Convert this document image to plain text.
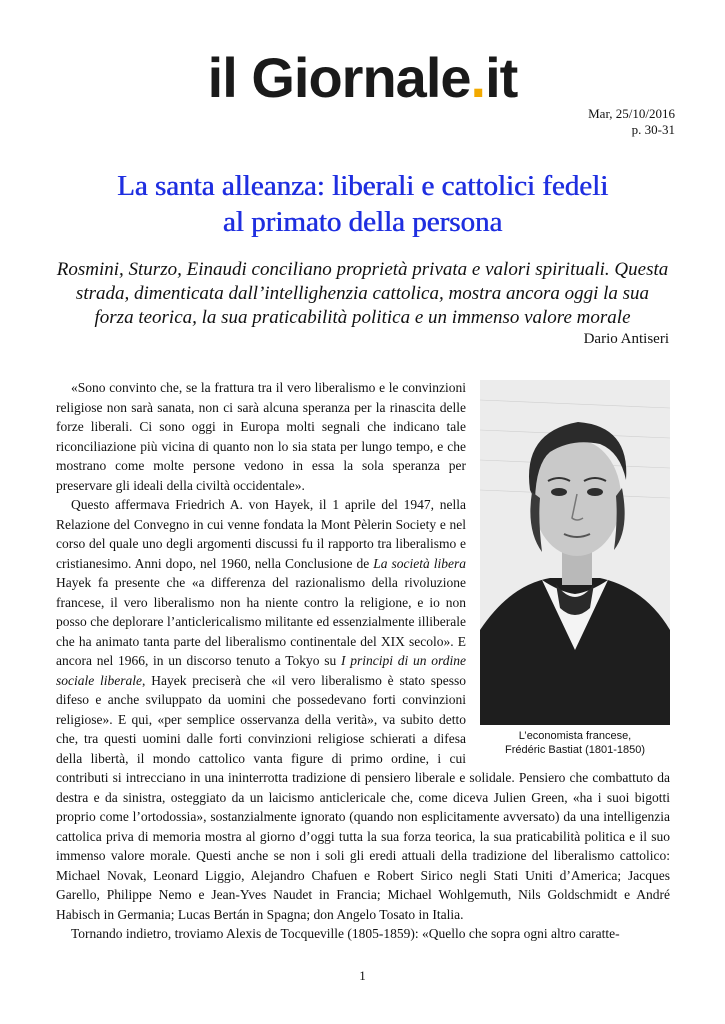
il Giornale.it
Mar, 25/10/2016
p. 30-31
La santa alleanza: liberali e cattolici fedeli
al primato della persona

Rosmini, Sturzo, Einaudi conciliano proprietà privata e valori spirituali. Questa strada, dimenticata dall’intellighenzia cattolica, mostra ancora oggi la sua forza teorica, la sua praticabilità politica e un immenso valore morale

Dario Antiseri
L’economista francese,
Frédéric Bastiat (1801-1850)

«Sono convinto che, se la frattura tra il vero liberalismo e le convinzioni religiose non sarà sanata, non ci sarà alcuna speranza per la rinascita delle forze liberali. Ci sono oggi in Europa molti segnali che indicano tale riconciliazione più vicina di quanto non lo sia stata per lungo tempo, e che mostrano come molte persone vedono in essa la sola speranza per preservare gli ideali della civiltà occidentale».

Questo affermava Friedrich A. von Hayek, il 1 aprile del 1947, nella Relazione del Convegno in cui venne fondata la Mont Pèlerin Society e nel corso del quale uno degli argomenti discussi fu il rapporto tra liberalismo e cristianesimo. Anni dopo, nel 1960, nella Conclusione de La società libera Hayek fa presente che «a differenza del razionalismo della rivoluzione francese, il vero liberalismo non ha niente contro la religione, e io non posso che deplorare l’anticlericalismo militante ed essenzialmente illiberale che ha animato tanta parte del liberalismo continentale del XIX secolo». E ancora nel 1966, in un discorso tenuto a Tokyo su I principi di un ordine sociale liberale, Hayek preciserà che «il vero liberalismo è stato spesso difeso e anche sviluppato da uomini che possedevano forti convinzioni religiose». E qui, «per semplice osservanza della verità», va subito detto che, tra questi uomini dalle forti convinzioni religiose schierati a difesa della libertà, il mondo cattolico vanta figure di primo ordine, i cui contributi si intrecciano in una ininterrotta tradizione di pensiero liberale e solidale. Pensiero che combattuto da destra e da sinistra, osteggiato da un laicismo anticlericale che, come diceva Julien Green, «ha i suoi bigotti proprio come l’ortodossia», sostanzialmente ignorato (quando non esplicitamente avversato) da una intelligenzia cattolica priva di memoria mostra al giorno d’oggi tutta la sua forza teorica, la sua praticabilità politica e il suo immenso valore morale. Questi anche se non i soli gli eredi attuali della tradizione del liberalismo cattolico: Michael Novak, Leonard Liggio, Alejandro Chafuen e Robert Sirico negli Stati Uniti d’America; Jacques Garello, Philippe Nemo e Jean-Yves Naudet in Francia; Michael Wohlgemuth, Nils Goldschmidt e André Habisch in Germania; Lucas Bertán in Spagna; don Angelo Tosato in Italia.

Tornando indietro, troviamo Alexis de Tocqueville (1805-1859): «Quello che sopra ogni altro caratte-

1
